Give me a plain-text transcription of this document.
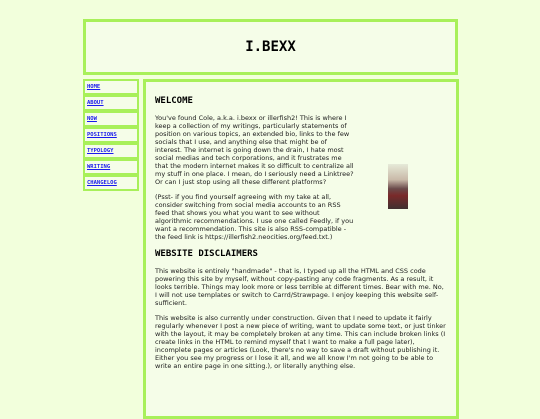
I.BEXX
HOME
ABOUT
NOW
POSITIONS
TYPOLOGY
WRITING
CHANGELOG
WELCOME

You've found Cole, a.k.a. i.bexx or illerfish2! This is where I keep a collection of my writings, particularly statements of position on various topics, an extended bio, links to the few socials that I use, and anything else that might be of interest. The internet is going down the drain, I hate most social medias and tech corporations, and it frustrates me that the modern internet makes it so difficult to centralize all my stuff in one place. I mean, do I seriously need a Linktree? Or can I just stop using all these different platforms?

(Psst- if you find yourself agreeing with my take at all, consider switching from social media accounts to an RSS feed that shows you what you want to see without algorithmic recommendations. I use one called Feedly, if you want a recommendation. This site is also RSS-compatible - the feed link is https://illerfish2.neocities.org/feed.txt.)

WEBSITE DISCLAIMERS

This website is entirely "handmade" - that is, I typed up all the HTML and CSS code powering this site by myself, without copy-pasting any code fragments. As a result, it looks terrible. Things may look more or less terrible at different times. Bear with me. No, I will not use templates or switch to Carrd/Strawpage. I enjoy keeping this website self-sufficient.

This website is also currently under construction. Given that I need to update it fairly regularly whenever I post a new piece of writing, want to update some text, or just tinker with the layout, it may be completely broken at any time. This can include broken links (I create links in the HTML to remind myself that I want to make a full page later), incomplete pages or articles (Look, there's no way to save a draft without publishing it. Either you see my progress or I lose it all, and we all know I'm not going to be able to write an entire page in one sitting.), or literally anything else.
